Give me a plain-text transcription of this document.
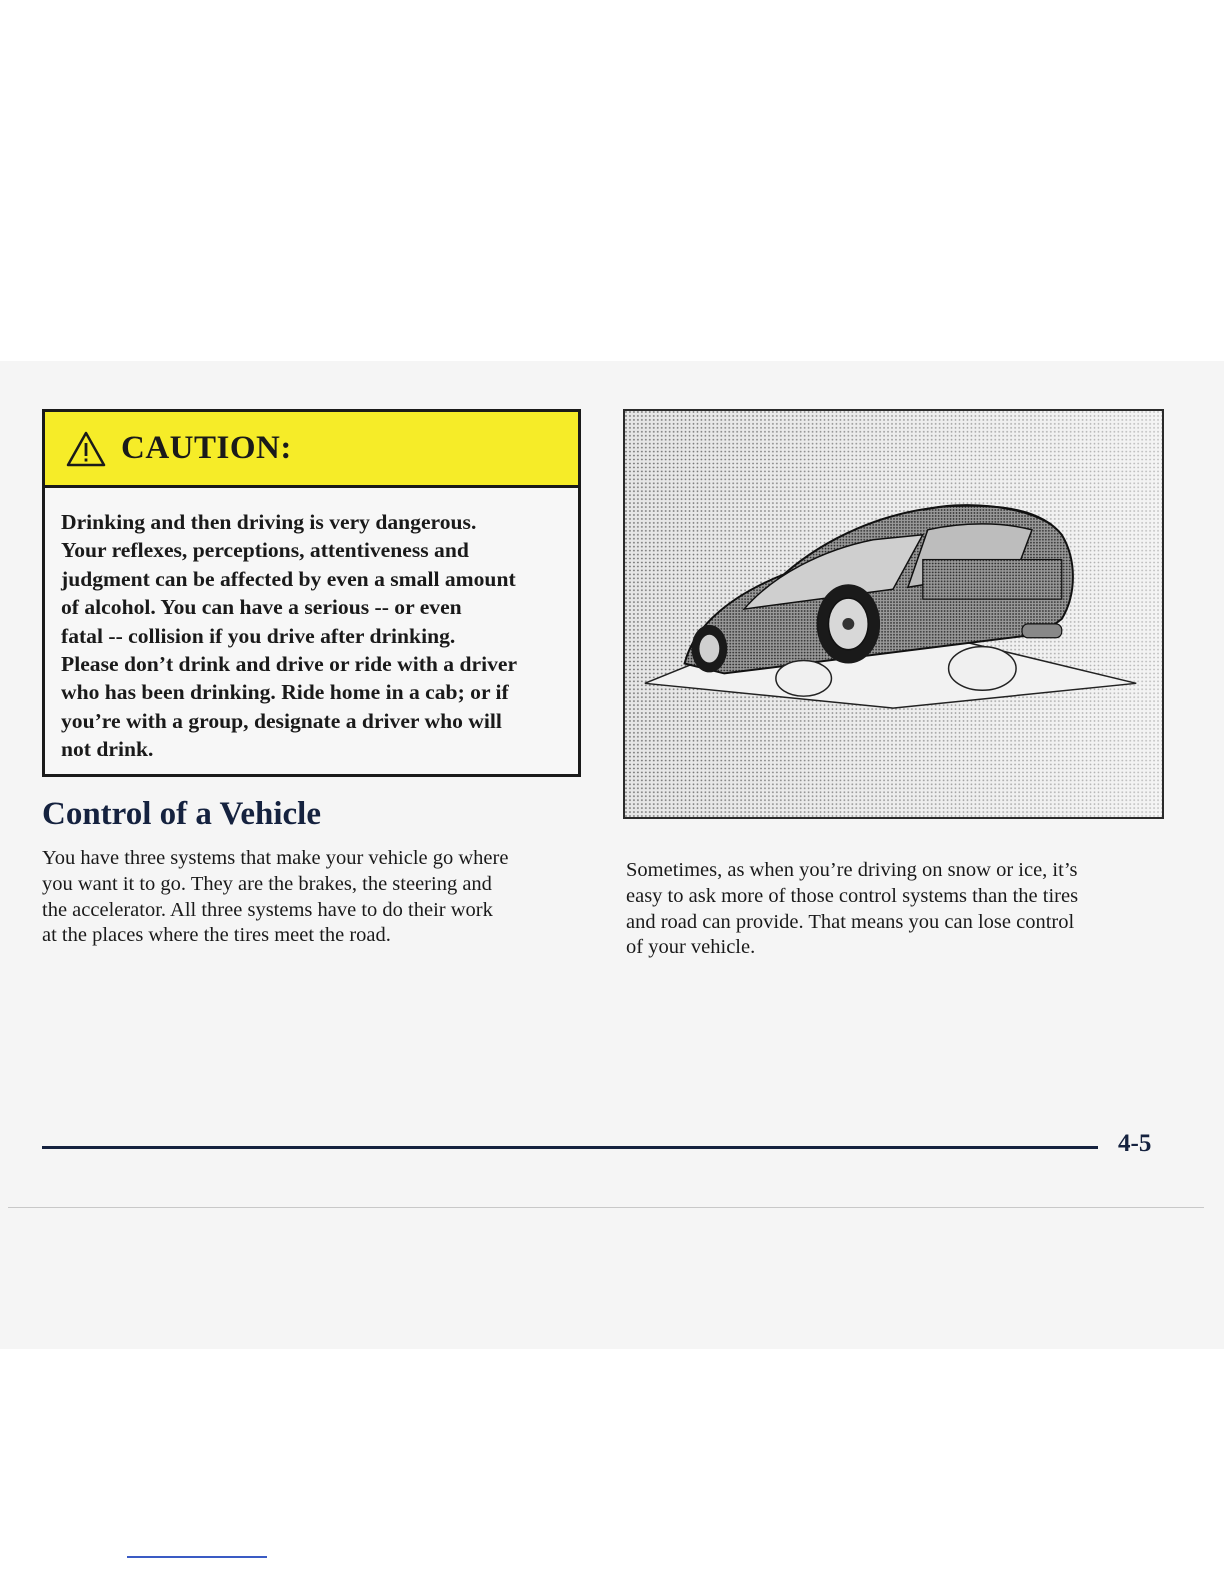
CAUTION:
Drinking and then driving is very dangerous.
Your reflexes, perceptions, attentiveness and
judgment can be affected by even a small amount
of alcohol. You can have a serious -- or even
fatal -- collision if you drive after drinking.
Please don’t drink and drive or ride with a driver
who has been drinking. Ride home in a cab; or if
you’re with a group, designate a driver who will
not drink.
Control of a Vehicle
You have three systems that make your vehicle go where
you want it to go. They are the brakes, the steering and
the accelerator. All three systems have to do their work
at the places where the tires meet the road.
Sometimes, as when you’re driving on snow or ice, it’s
easy to ask more of those control systems than the tires
and road can provide. That means you can lose control
of your vehicle.
4-5
